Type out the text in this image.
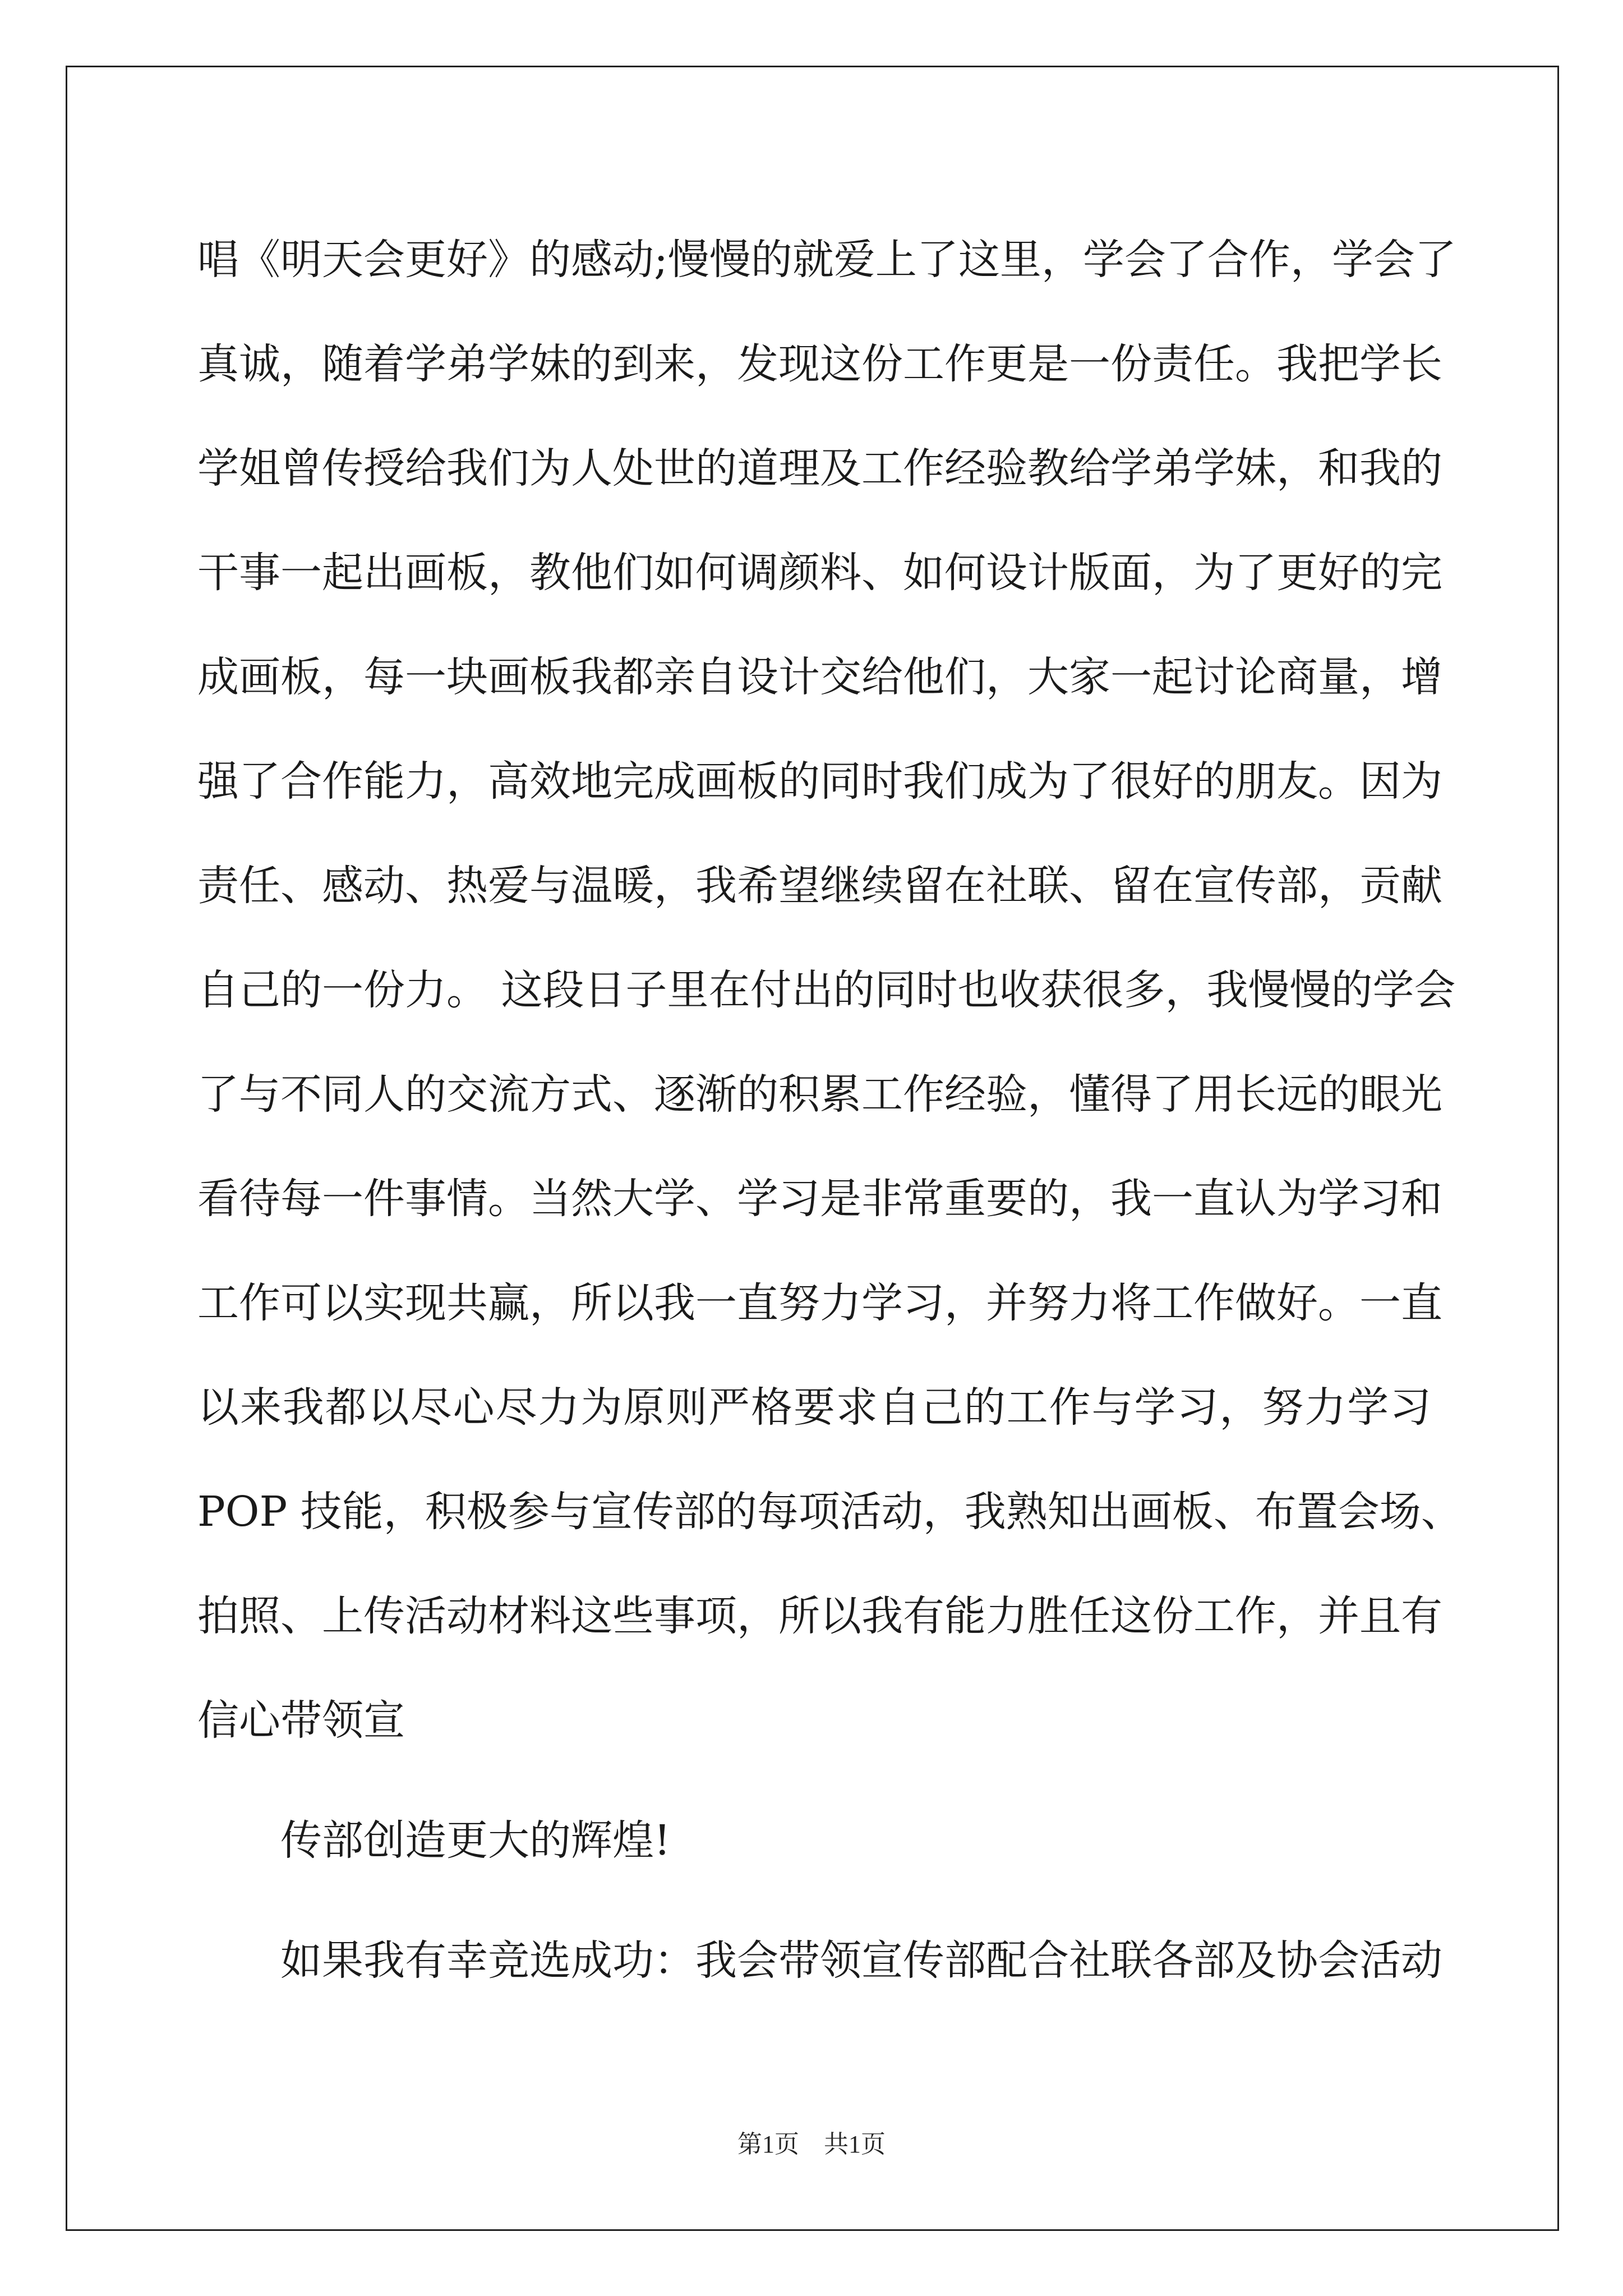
唱《明天会更好》的感动;慢慢的就爱上了这里，学会了合作，学会了
真诚，随着学弟学妹的到来，发现这份工作更是一份责任。我把学长
学姐曾传授给我们为人处世的道理及工作经验教给学弟学妹，和我的
干事一起出画板，教他们如何调颜料、如何设计版面，为了更好的完
成画板，每一块画板我都亲自设计交给他们，大家一起讨论商量，增
强了合作能力，高效地完成画板的同时我们成为了很好的朋友。因为
责任、感动、热爱与温暖，我希望继续留在社联、留在宣传部，贡献
自己的一份力。 这段日子里在付出的同时也收获很多，我慢慢的学会
了与不同人的交流方式、逐渐的积累工作经验，懂得了用长远的眼光
看待每一件事情。当然大学、学习是非常重要的，我一直认为学习和
工作可以实现共赢，所以我一直努力学习，并努力将工作做好。一直
以来我都以尽心尽力为原则严格要求自己的工作与学习，努力学习
POP 技能，积极参与宣传部的每项活动，我熟知出画板、布置会场、
拍照、上传活动材料这些事项，所以我有能力胜任这份工作，并且有
信心带领宣
传部创造更大的辉煌!
如果我有幸竞选成功：我会带领宣传部配合社联各部及协会活动
第1页　共1页
